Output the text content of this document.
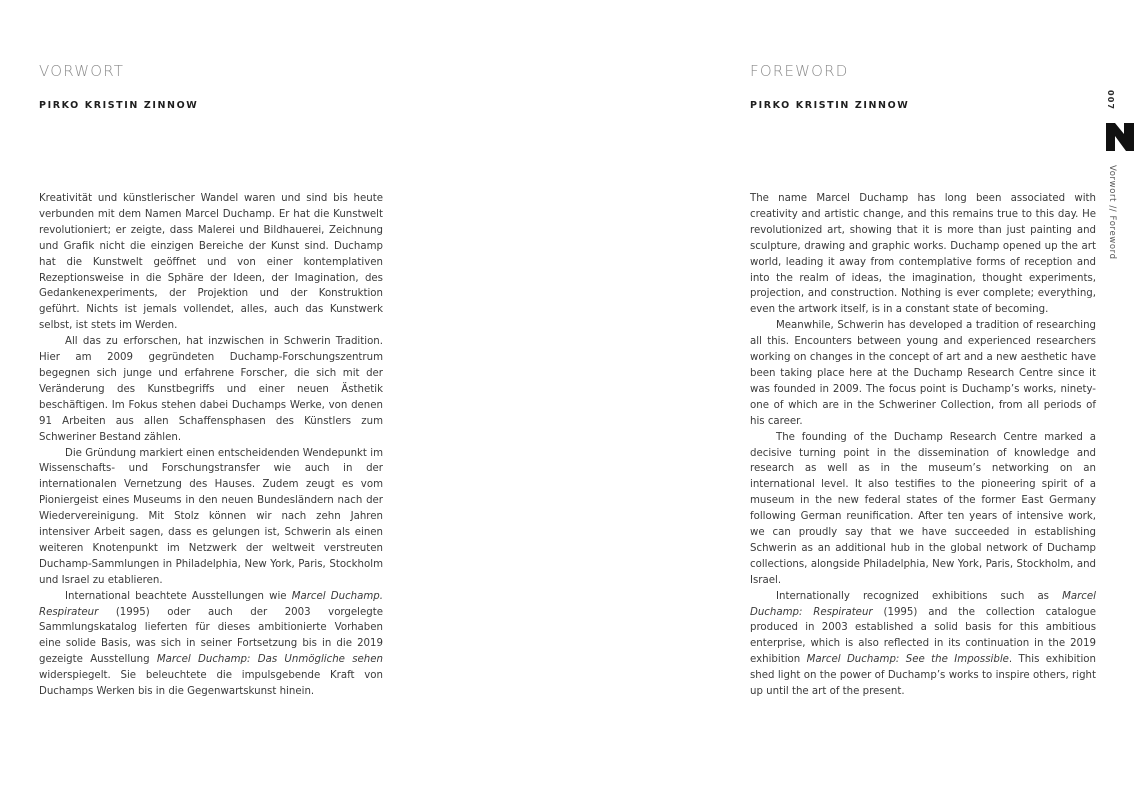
VORWORT
PIRKO KRISTIN ZINNOW

Kreativität und künstlerischer Wandel waren und sind bis heute verbunden mit dem Namen Marcel Duchamp. Er hat die Kunstwelt revolutioniert; er zeigte, dass Malerei und Bildhauerei, Zeichnung und Grafik nicht die einzigen Bereiche der Kunst sind. Duchamp hat die Kunstwelt geöffnet und von einer kontemplativen Rezeptionsweise in die Sphäre der Ideen, der Imagination, des Gedankenexperiments, der Projektion und der Konstruktion geführt. Nichts ist jemals vollendet, alles, auch das Kunstwerk selbst, ist stets im Werden.

All das zu erforschen, hat inzwischen in Schwerin Tradition. Hier am 2009 gegründeten Duchamp-Forschungszentrum begegnen sich junge und erfahrene Forscher, die sich mit der Veränderung des Kunstbegriffs und einer neuen Ästhetik beschäftigen. Im Fokus stehen dabei Duchamps Werke, von denen 91 Arbeiten aus allen Schaffensphasen des Künstlers zum Schweriner Bestand zählen.

Die Gründung markiert einen entscheidenden Wendepunkt im Wissenschafts- und Forschungstransfer wie auch in der internationalen Vernetzung des Hauses. Zudem zeugt es vom Pioniergeist eines Museums in den neuen Bundesländern nach der Wiedervereinigung. Mit Stolz können wir nach zehn Jahren intensiver Arbeit sagen, dass es gelungen ist, Schwerin als einen weiteren Knotenpunkt im Netzwerk der weltweit verstreuten Duchamp-Sammlungen in Philadelphia, New York, Paris, Stockholm und Israel zu etablieren.

International beachtete Ausstellungen wie Marcel Duchamp. Respirateur (1995) oder auch der 2003 vorgelegte Sammlungskatalog lieferten für dieses ambitionierte Vorhaben eine solide Basis, was sich in seiner Fortsetzung bis in die 2019 gezeigte Ausstellung Marcel Duchamp: Das Unmögliche sehen widerspiegelt. Sie beleuchtete die impulsgebende Kraft von Duchamps Werken bis in die Gegenwartskunst hinein.

FOREWORD
PIRKO KRISTIN ZINNOW

The name Marcel Duchamp has long been associated with creativity and artistic change, and this remains true to this day. He revolutionized art, showing that it is more than just painting and sculpture, drawing and graphic works. Duchamp opened up the art world, leading it away from contemplative forms of reception and into the realm of ideas, the imagination, thought experiments, projection, and construction. Nothing is ever complete; everything, even the artwork itself, is in a constant state of becoming.

Meanwhile, Schwerin has developed a tradition of researching all this. Encounters between young and experienced researchers working on changes in the concept of art and a new aesthetic have been taking place here at the Duchamp Research Centre since it was founded in 2009. The focus point is Duchamp’s works, ninety-one of which are in the Schweriner Collection, from all periods of his career.

The founding of the Duchamp Research Centre marked a decisive turning point in the dissemination of knowledge and research as well as in the museum’s networking on an international level. It also testifies to the pioneering spirit of a museum in the new federal states of the former East Germany following German reunification. After ten years of intensive work, we can proudly say that we have succeeded in establishing Schwerin as an additional hub in the global network of Duchamp collections, alongside Philadelphia, New York, Paris, Stockholm, and Israel.

Internationally recognized exhibitions such as Marcel Duchamp: Respirateur (1995) and the collection catalogue produced in 2003 established a solid basis for this ambitious enterprise, which is also reflected in its continuation in the 2019 exhibition Marcel Duchamp: See the Impossible. This exhibition shed light on the power of Duchamp’s works to inspire others, right up until the art of the present.

007
Vorwort // Foreword
